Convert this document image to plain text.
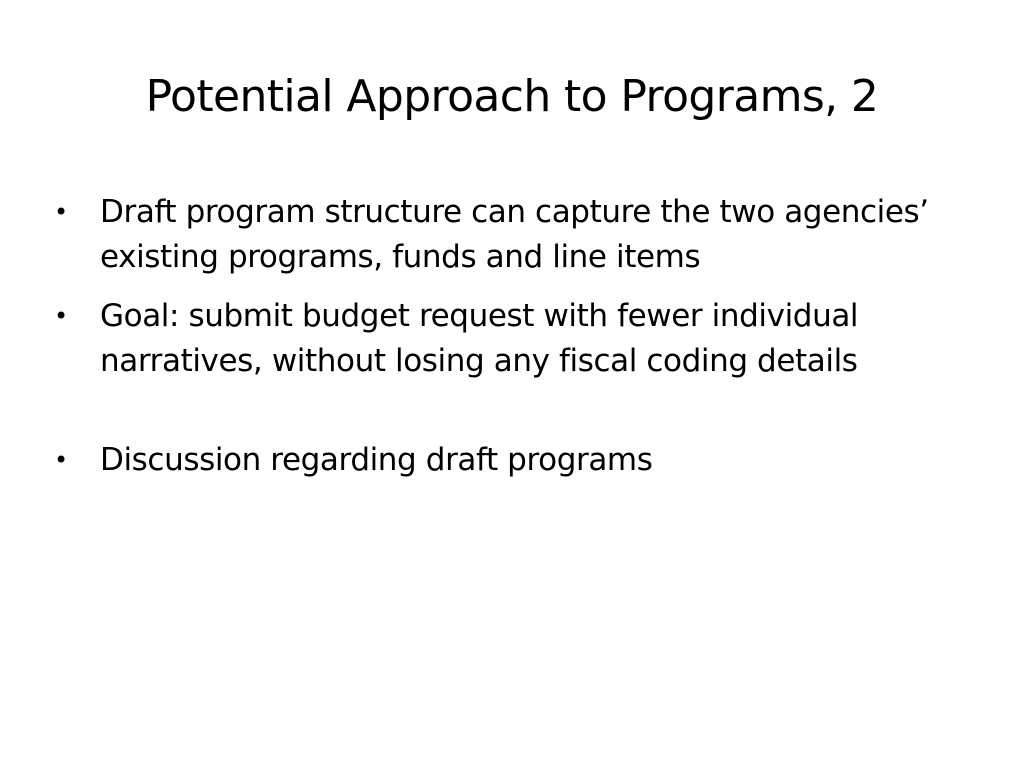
Potential Approach to Programs, 2
• Draft program structure can capture the two agencies’ existing programs, funds and line items
• Goal: submit budget request with fewer individual narratives, without losing any fiscal coding details
• Discussion regarding draft programs
